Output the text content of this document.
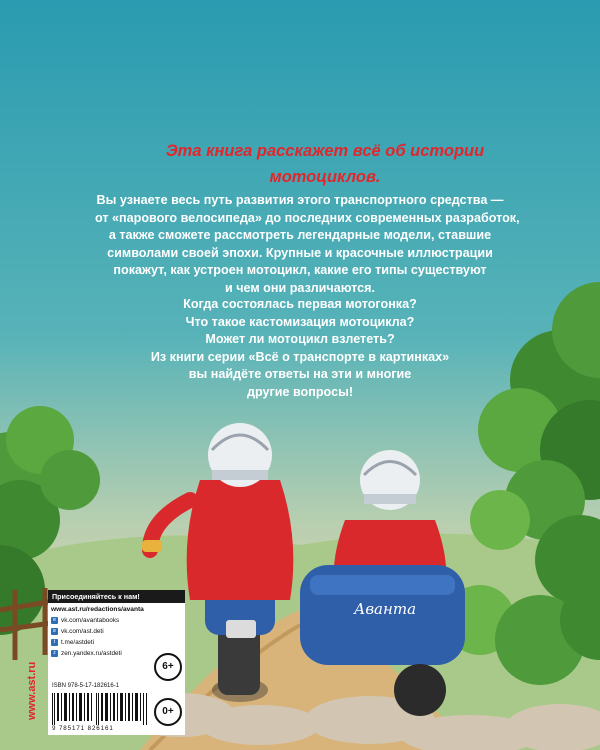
Эта книга расскажет всё об истории
мотоциклов.

Вы узнаете весь путь развития этого транспортного средства —
от «парового велосипеда» до последних современных разработок,
а также сможете рассмотреть легендарные модели, ставшие
символами своей эпохи. Крупные и красочные иллюстрации
покажут, как устроен мотоцикл, какие его типы существуют
и чем они различаются.

Когда состоялась первая мотогонка?
Что такое кастомизация мотоцикла?
Может ли мотоцикл взлететь?
Из книги серии «Всё о транспорте в картинках»
вы найдёте ответы на эти и многие
другие вопросы!

Аванта
Присоединяйтесь к нам!
www.ast.ru/redactions/avanta
в vk.com/avantabooks
в vk.com/ast.deti
t t.me/astdeti
z zen.yandex.ru/astdeti
ISBN 978-5-17-182616-1
9 785171 826161
6+
0+
www.ast.ru
